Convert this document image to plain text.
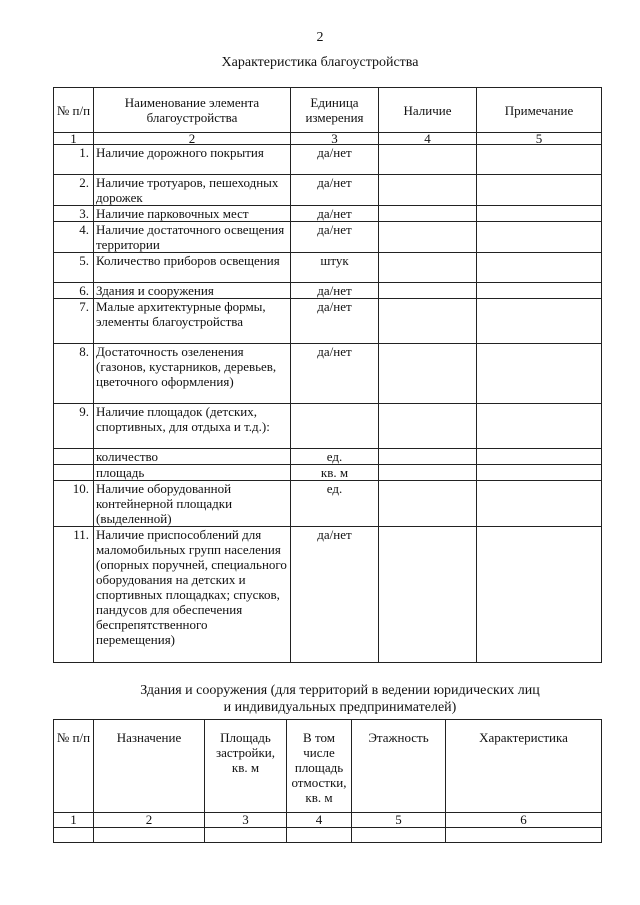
2
Характеристика благоустройства
№ п/п	Наименование элемента благоустройства	Единица измерения	Наличие	Примечание
1	2	3	4	5
1.	Наличие дорожного покрытия	да/нет		
2.	Наличие тротуаров, пешеходных дорожек	да/нет		
3.	Наличие парковочных мест	да/нет		
4.	Наличие достаточного освещения территории	да/нет		
5.	Количество приборов освещения	штук		
6.	Здания и сооружения	да/нет		
7.	Малые архитектурные формы, элементы благоустройства	да/нет		
8.	Достаточность озеленения (газонов, кустарников, деревьев, цветочного оформления)	да/нет		
9.	Наличие площадок (детских, спортивных, для отдыха и т.д.):			
	количество	ед.		
	площадь	кв. м		
10.	Наличие оборудованной контейнерной площадки (выделенной)	ед.		
11.	Наличие приспособлений для маломобильных групп населения (опорных поручней, специального оборудования на детских и спортивных площадках; спусков, пандусов для обеспечения беспрепятственного перемещения)	да/нет		
Здания и сооружения (для территорий в ведении юридических лиц
и индивидуальных предпринимателей)
№ п/п	Назначение	Площадь застройки, кв. м	В том числе площадь отмостки, кв. м	Этажность	Характеристика
1	2	3	4	5	6
